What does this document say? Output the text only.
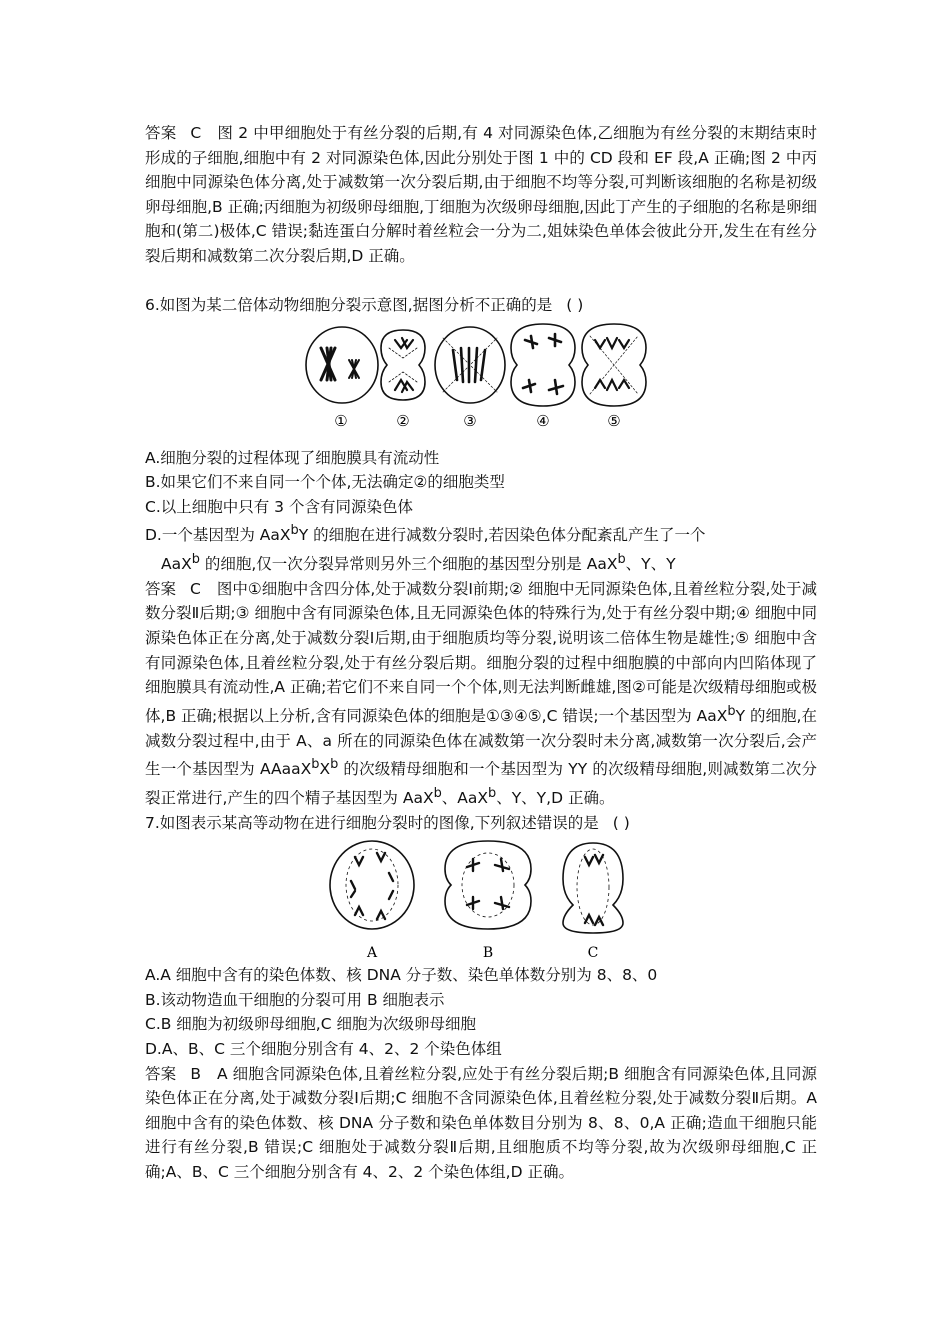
答案 C 图 2 中甲细胞处于有丝分裂的后期,有 4 对同源染色体,乙细胞为有丝分裂的末期结束时形成的子细胞,细胞中有 2 对同源染色体,因此分别处于图 1 中的 CD 段和 EF 段,A 正确;图 2 中丙细胞中同源染色体分离,处于减数第一次分裂后期,由于细胞不均等分裂,可判断该细胞的名称是初级卵母细胞,B 正确;丙细胞为初级卵母细胞,丁细胞为次级卵母细胞,因此丁产生的子细胞的名称是卵细胞和(第二)极体,C 错误;黏连蛋白分解时着丝粒会一分为二,姐妹染色单体会彼此分开,发生在有丝分裂后期和减数第二次分裂后期,D 正确。

6.如图为某二倍体动物细胞分裂示意图,据图分析不正确的是 ( )

①	②	③	④	⑤

A.细胞分裂的过程体现了细胞膜具有流动性

B.如果它们不来自同一个个体,无法确定②的细胞类型

C.以上细胞中只有 3 个含有同源染色体

D.一个基因型为 AaX$^b$Y 的细胞在进行减数分裂时,若因染色体分配紊乱产生了一个
AaX$^b$ 的细胞,仅一次分裂异常则另外三个细胞的基因型分别是 AaX$^b$、Y、Y

答案 C 图中①细胞中含四分体,处于减数分裂Ⅰ前期;② 细胞中无同源染色体,且着丝粒分裂,处于减数分裂Ⅱ后期;③ 细胞中含有同源染色体,且无同源染色体的特殊行为,处于有丝分裂中期;④ 细胞中同源染色体正在分离,处于减数分裂Ⅰ后期,由于细胞质均等分裂,说明该二倍体生物是雄性;⑤ 细胞中含有同源染色体,且着丝粒分裂,处于有丝分裂后期。细胞分裂的过程中细胞膜的中部向内凹陷体现了细胞膜具有流动性,A 正确;若它们不来自同一个个体,则无法判断雌雄,图②可能是次级精母细胞或极体,B 正确;根据以上分析,含有同源染色体的细胞是①③④⑤,C 错误;一个基因型为 AaX$^b$Y 的细胞,在减数分裂过程中,由于 A、a 所在的同源染色体在减数第一次分裂时未分离,减数第一次分裂后,会产生一个基因型为 $AAaaX^bX^b$ 的次级精母细胞和一个基因型为 YY 的次级精母细胞,则减数第二次分裂正常进行,产生的四个精子基因型为 AaX$^b$、AaX$^b$、Y、Y,D 正确。

7.如图表示某高等动物在进行细胞分裂时的图像,下列叙述错误的是 ( )

A	B	C

A.A 细胞中含有的染色体数、核 DNA 分子数、染色单体数分别为 8、8、0

B.该动物造血干细胞的分裂可用 B 细胞表示

C.B 细胞为初级卵母细胞,C 细胞为次级卵母细胞

D.A、B、C 三个细胞分别含有 4、2、2 个染色体组

答案 B A 细胞含同源染色体,且着丝粒分裂,应处于有丝分裂后期;B 细胞含有同源染色体,且同源染色体正在分离,处于减数分裂Ⅰ后期;C 细胞不含同源染色体,且着丝粒分裂,处于减数分裂Ⅱ后期。A 细胞中含有的染色体数、核 DNA 分子数和染色单体数目分别为 8、8、0,A 正确;造血干细胞只能进行有丝分裂,B 错误;C 细胞处于减数分裂Ⅱ后期,且细胞质不均等分裂,故为次级卵母细胞,C 正确;A、B、C 三个细胞分别含有 4、2、2 个染色体组,D 正确。
